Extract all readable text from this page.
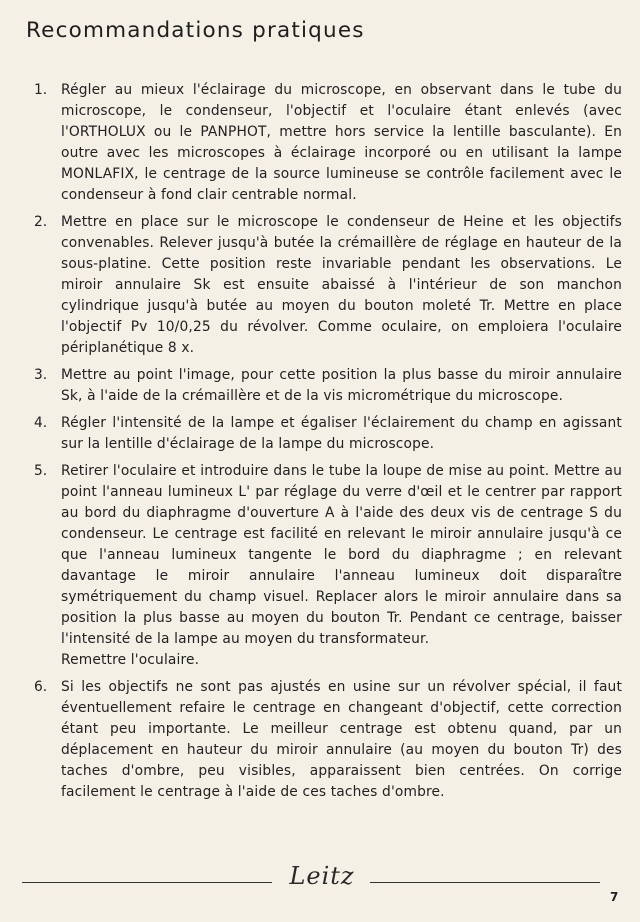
Recommandations pratiques
1.	Régler au mieux l'éclairage du microscope, en observant dans le tube du microscope, le condenseur, l'objectif et l'oculaire étant enlevés (avec l'ORTHOLUX ou le PANPHOT, mettre hors service la lentille basculante). En outre avec les microscopes à éclairage incorporé ou en utilisant la lampe MONLAFIX, le centrage de la source lumineuse se contrôle facilement avec le condenseur à fond clair centrable normal.
2.	Mettre en place sur le microscope le condenseur de Heine et les objectifs convenables. Relever jusqu'à butée la crémaillère de réglage en hauteur de la sous-platine. Cette position reste invariable pendant les observations. Le miroir annulaire Sk est ensuite abaissé à l'intérieur de son manchon cylindrique jusqu'à butée au moyen du bouton moleté Tr. Mettre en place l'objectif Pv 10/0,25 du révolver. Comme oculaire, on emploiera l'oculaire périplanétique 8 x.
3.	Mettre au point l'image, pour cette position la plus basse du miroir annulaire Sk, à l'aide de la crémaillère et de la vis micrométrique du microscope.
4.	Régler l'intensité de la lampe et égaliser l'éclairement du champ en agissant sur la lentille d'éclairage de la lampe du microscope.
5.	Retirer l'oculaire et introduire dans le tube la loupe de mise au point. Mettre au point l'anneau lumineux L' par réglage du verre d'œil et le centrer par rapport au bord du diaphragme d'ouverture A à l'aide des deux vis de centrage S du condenseur. Le centrage est facilité en relevant le miroir annulaire jusqu'à ce que l'anneau lumineux tangente le bord du diaphragme ; en relevant davantage le miroir annulaire l'anneau lumineux doit disparaître symétriquement du champ visuel. Replacer alors le miroir annulaire dans sa position la plus basse au moyen du bouton Tr. Pendant ce centrage, baisser l'intensité de la lampe au moyen du transformateur.
Remettre l'oculaire.
6.	Si les objectifs ne sont pas ajustés en usine sur un révolver spécial, il faut éventuellement refaire le centrage en changeant d'objectif, cette correction étant peu importante. Le meilleur centrage est obtenu quand, par un déplacement en hauteur du miroir annulaire (au moyen du bouton Tr) des taches d'ombre, peu visibles, apparaissent bien centrées. On corrige facilement le centrage à l'aide de ces taches d'ombre.
Leitz
7
